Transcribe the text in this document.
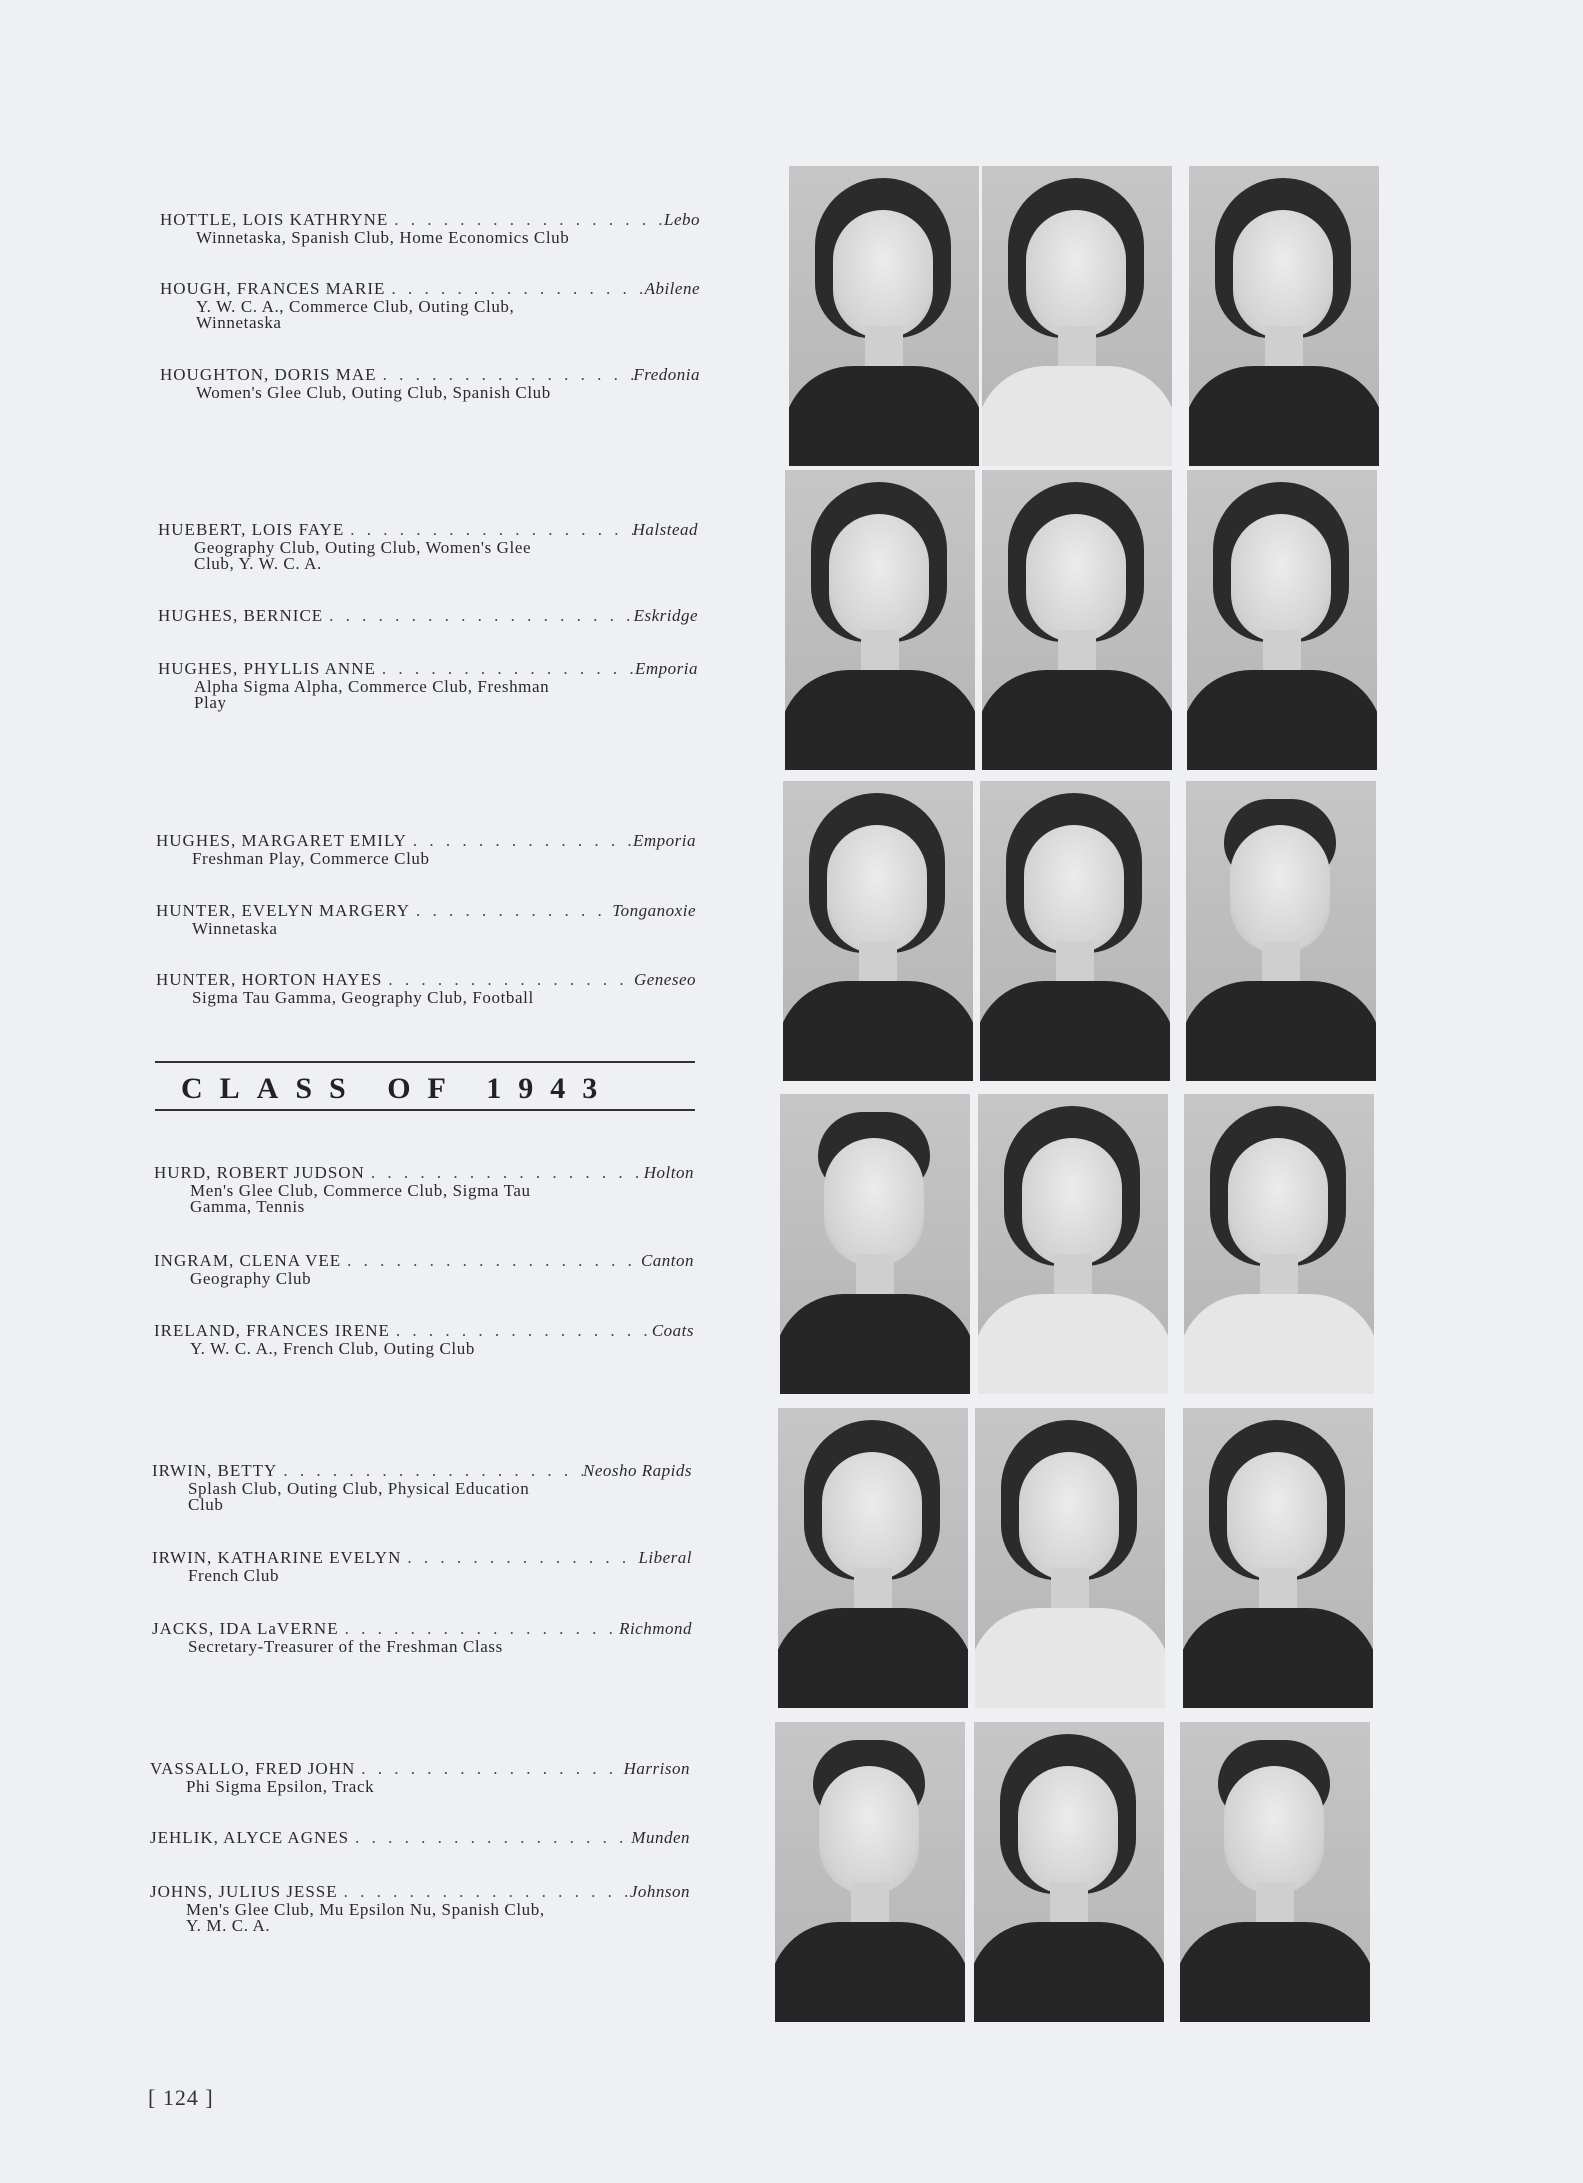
HOTTLE, LOIS KATHRYNE . . .	Lebo
Winnetaska, Spanish Club, Home Economics Club
HOUGH, FRANCES MARIE . . .	Abilene
Y. W. C. A., Commerce Club, Outing Club,
Winnetaska
HOUGHTON, DORIS MAE . . .	Fredonia
Women's Glee Club, Outing Club, Spanish Club
HUEBERT, LOIS FAYE . . .	Halstead
Geography Club, Outing Club, Women's Glee
Club, Y. W. C. A.
HUGHES, BERNICE . . .	Eskridge
HUGHES, PHYLLIS ANNE . . .	Emporia
Alpha Sigma Alpha, Commerce Club, Freshman
Play
HUGHES, MARGARET EMILY . . .	Emporia
Freshman Play, Commerce Club
HUNTER, EVELYN MARGERY . . .	Tonganoxie
Winnetaska
HUNTER, HORTON HAYES . . .	Geneseo
Sigma Tau Gamma, Geography Club, Football
CLASS OF 1943
HURD, ROBERT JUDSON . . .	Holton
Men's Glee Club, Commerce Club, Sigma Tau
Gamma, Tennis
INGRAM, CLENA VEE . . .	Canton
Geography Club
IRELAND, FRANCES IRENE . . .	Coats
Y. W. C. A., French Club, Outing Club
IRWIN, BETTY . . .	Neosho Rapids
Splash Club, Outing Club, Physical Education
Club
IRWIN, KATHARINE EVELYN . . .	Liberal
French Club
JACKS, IDA LaVERNE . . .	Richmond
Secretary-Treasurer of the Freshman Class
VASSALLO, FRED JOHN . . .	Harrison
Phi Sigma Epsilon, Track
JEHLIK, ALYCE AGNES . . .	Munden
JOHNS, JULIUS JESSE . . .	Johnson
Men's Glee Club, Mu Epsilon Nu, Spanish Club,
Y. M. C. A.
[ 124 ]
